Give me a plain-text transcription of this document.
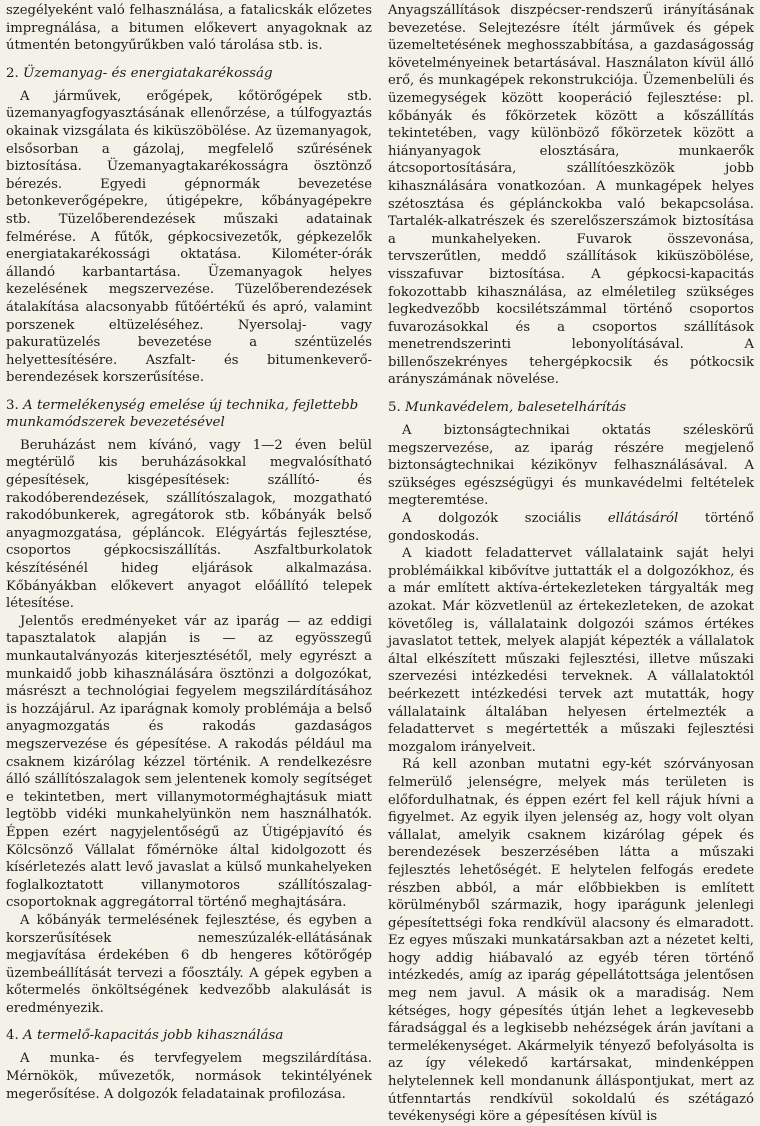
szegélyeként való felhasználása, a fatalicskák előzetes impregnálása, a bitumen előkevert anyagoknak az útmentén betongyűrűkben való tárolása stb. is.

2. Üzemanyag- és energiatakarékosság

A járművek, erőgépek, kőtörőgépek stb. üzemanyagfogyasztásának ellenőrzése, a túlfogyaztás okainak vizsgálata és kiküszöbölése. Az üzemanyagok, elsősorban a gázolaj, megfelelő szűrésének biztosítása. Üzemanyagtakarékosságra ösztönző bérezés. Egyedi gépnormák bevezetése betonkeverőgépekre, útigépekre, kőbányagépekre stb. Tüzelőberendezések műszaki adatainak felmérése. A fűtők, gépkocsivezetők, gépkezelők energiatakarékossági oktatása. Kilométer-órák állandó karbantartása. Üzemanyagok helyes kezelésének megszervezése. Tüzelőberendezések átalakítása alacsonyabb fűtőértékű és apró, valamint porszenek eltüzeléséhez. Nyersolaj- vagy pakuratüzelés bevezetése a széntüzelés helyettesítésére. Aszfalt- és bitumenkeverő-berendezések korszerűsítése.

3. A termelékenység emelése új technika, fejlettebb munkamódszerek bevezetésével

Beruházást nem kívánó, vagy 1—2 éven belül megtérülő kis beruházásokkal megvalósítható gépesítések, kisgépesítések: szállító- és rakodóberendezések, szállítószalagok, mozgatható rakodóbunkerek, agregátorok stb. kőbányák belső anyagmozgatása, gépláncok. Elégyártás fejlesztése, csoportos gépkocsiszállítás. Aszfaltburkolatok készítésénél hideg eljárások alkalmazása. Kőbányákban előkevert anyagot előállító telepek létesítése.

Jelentős eredményeket vár az iparág — az eddigi tapasztalatok alapján is — az egyösszegű munkautalványozás kiterjesztésétől, mely egyrészt a munkaidő jobb kihasználására ösztönzi a dolgozókat, másrészt a technológiai fegyelem megszilárdításához is hozzájárul. Az iparágnak komoly problémája a belső anyagmozgatás és rakodás gazdaságos megszervezése és gépesítése. A rakodás például ma csaknem kizárólag kézzel történik. A rendelkezésre álló szállítószalagok sem jelentenek komoly segítséget e tekintetben, mert villanymotorméghajtásuk miatt legtöbb vidéki munkahelyünkön nem használhatók. Éppen ezért nagyjelentőségű az Útigépjavító és Kölcsönző Vállalat főmérnöke által kidolgozott és kísérletezés alatt levő javaslat a külső munkahelyeken foglalkoztatott villanymotoros szállítószalag-csoportoknak aggregátorral történő meghajtására.

A kőbányák termelésének fejlesztése, és egyben a korszerűsítések nemeszúzalék-ellátásának megjavítása érdekében 6 db hengeres kőtörőgép üzembeállítását tervezi a főosztály. A gépek egyben a kőtermelés önköltségének kedvezőbb alakulását is eredményezik.

4. A termelő-kapacitás jobb kihasználása

A munka- és tervfegyelem megszilárdítása. Mérnökök, művezetők, normások tekintélyének megerősítése. A dolgozók feladatainak profilozása.

Anyagszállítások diszpécser-rendszerű irányításának bevezetése. Selejtezésre ítélt járművek és gépek üzemeltetésének meghosszabbítása, a gazdaságosság követelményeinek betartásával. Használaton kívül álló erő, és munkagépek rekonstrukciója. Üzemenbelüli és üzemegységek között kooperáció fejlesztése: pl. kőbányák és főkörzetek között a kőszállítás tekintetében, vagy különböző főkörzetek között a hiányanyagok elosztására, munkaerők átcsoportosítására, szállítóeszközök jobb kihasználására vonatkozóan. A munkagépek helyes szétosztása és géplánckokba való bekapcsolása. Tartalék-alkatrészek és szerelőszerszámok biztosítása a munkahelyeken. Fuvarok összevonása, tervszerűtlen, meddő szállítások kiküszöbölése, visszafuvar biztosítása. A gépkocsi-kapacitás fokozottabb kihasználása, az elméletileg szükséges legkedvezőbb kocsilétszámmal történő csoportos fuvarozásokkal és a csoportos szállítások menetrendszerinti lebonyolításával. A billenőszekrényes tehergépkocsik és pótkocsik arányszámának növelése.

5. Munkavédelem, balesetelhárítás

A biztonságtechnikai oktatás széleskörű megszervezése, az iparág részére megjelenő biztonságtechnikai kézikönyv felhasználásával. A szükséges egészségügyi és munkavédelmi feltételek megteremtése.

A dolgozók szociális ellátásáról történő gondoskodás.

A kiadott feladattervet vállalataink saját helyi problémáikkal kibővítve juttatták el a dolgozókhoz, és a már említett aktíva-értekezleteken tárgyalták meg azokat. Már közvetlenül az értekezleteken, de azokat követőleg is, vállalataink dolgozói számos értékes javaslatot tettek, melyek alapját képezték a vállalatok által elkészített műszaki fejlesztési, illetve műszaki szervezési intézkedési terveknek. A vállalatoktól beérkezett intézkedési tervek azt mutatták, hogy vállalataink általában helyesen értelmezték a feladattervet s megértették a műszaki fejlesztési mozgalom irányelveit.

Rá kell azonban mutatni egy-két szórványosan felmerülő jelenségre, melyek más területen is előfordulhatnak, és éppen ezért fel kell rájuk hívni a figyelmet. Az egyik ilyen jelenség az, hogy volt olyan vállalat, amelyik csaknem kizárólag gépek és berendezések beszerzésében látta a műszaki fejlesztés lehetőségét. E helytelen felfogás eredete részben abból, a már előbbiekben is említett körülményből származik, hogy iparágunk jelenlegi gépesítettségi foka rendkívül alacsony és elmaradott. Ez egyes műszaki munkatársakban azt a nézetet kelti, hogy addig hiábavaló az egyéb téren történő intézkedés, amíg az iparág gépellátottsága jelentősen meg nem javul. A másik ok a maradiság. Nem kétséges, hogy gépesítés útján lehet a legkevesebb fáradsággal és a legkisebb nehézségek árán javítani a termelékenységet. Akármelyik tényező befolyásolta is az így vélekedő kartársakat, mindenképpen helytelennek kell mondanunk álláspontjukat, mert az útfenntartás rendkívül sokoldalú és szétágazó tevékenységi köre a gépesítésen kívül is
